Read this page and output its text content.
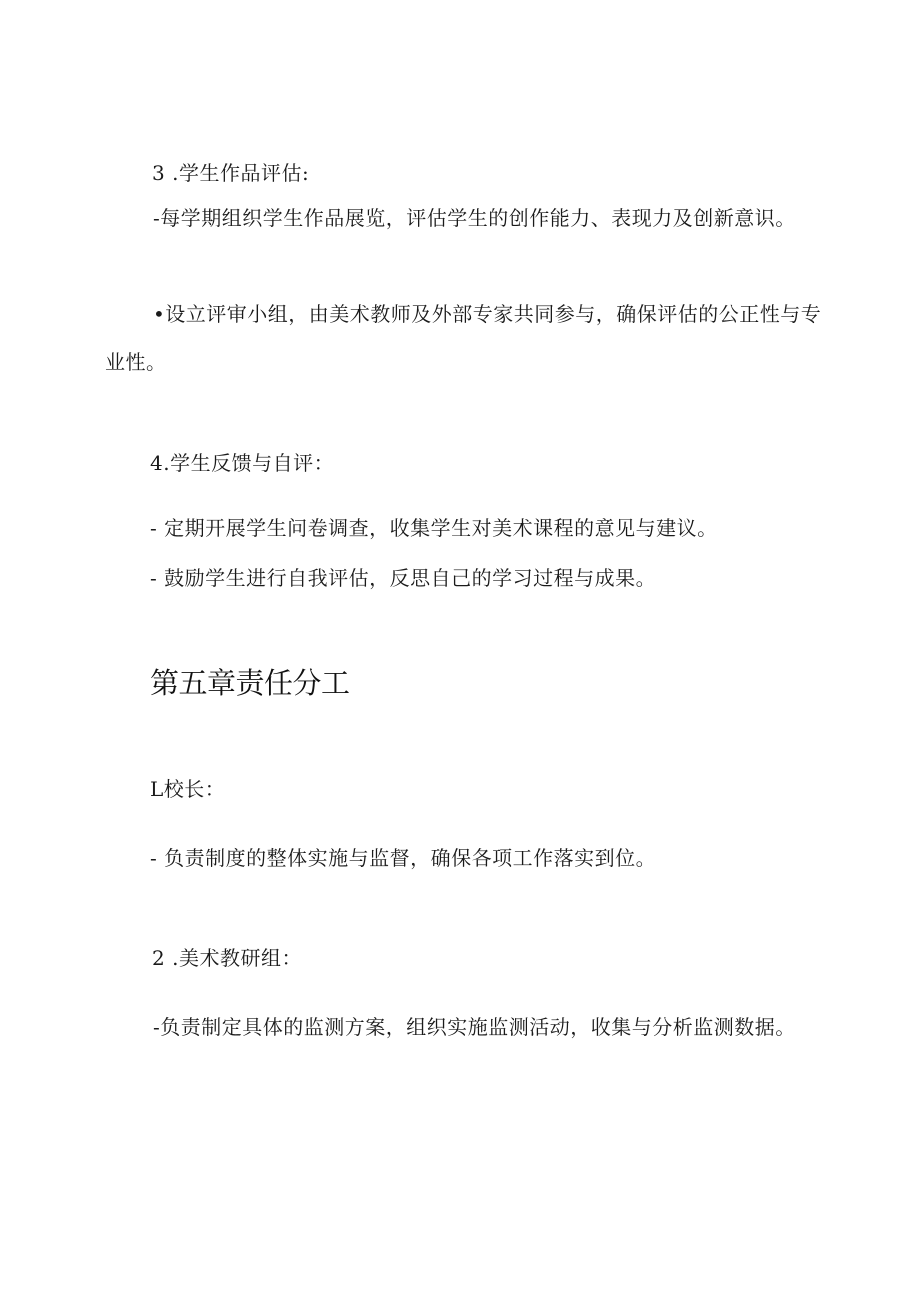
3 .学生作品评估:
-每学期组织学生作品展览，评估学生的创作能力、表现力及创新意识。
•设立评审小组，由美术教师及外部专家共同参与，确保评估的公正性与专业性。
4.学生反馈与自评：
- 定期开展学生问卷调查，收集学生对美术课程的意见与建议。
- 鼓励学生进行自我评估，反思自己的学习过程与成果。
第五章责任分工
L校长：
- 负责制度的整体实施与监督，确保各项工作落实到位。
2 .美术教研组：
-负责制定具体的监测方案，组织实施监测活动，收集与分析监测数据。
